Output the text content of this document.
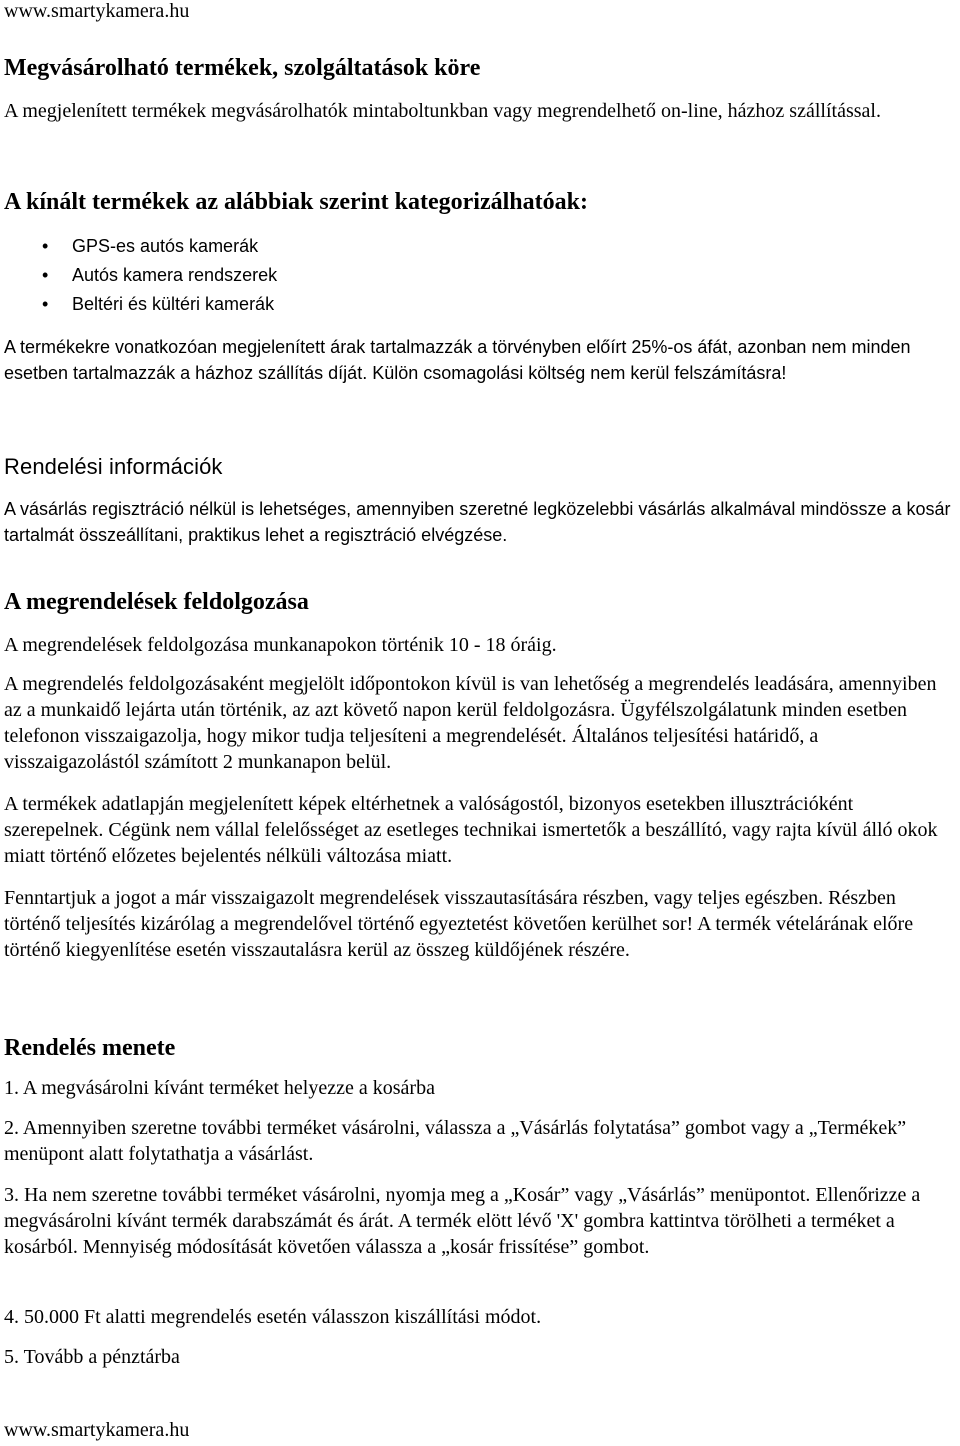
www.smartykamera.hu
Megvásárolható termékek, szolgáltatások köre

A megjelenített termékek megvásárolhatók mintaboltunkban vagy megrendelhető on-line, házhoz szállítással.

A kínált termékek az alábbiak szerint kategorizálhatóak:
• GPS-es autós kamerák
• Autós kamera rendszerek
• Beltéri és kültéri kamerák

A termékekre vonatkozóan megjelenített árak tartalmazzák a törvényben előírt 25%-os áfát, azonban nem minden esetben tartalmazzák a házhoz szállítás díját. Külön csomagolási költség nem kerül felszámításra!

Rendelési információk

A vásárlás regisztráció nélkül is lehetséges, amennyiben szeretné legközelebbi vásárlás alkalmával mindössze a kosár tartalmát összeállítani, praktikus lehet a regisztráció elvégzése.

A megrendelések feldolgozása

A megrendelések feldolgozása munkanapokon történik 10 - 18 óráig.

A megrendelés feldolgozásaként megjelölt időpontokon kívül is van lehetőség a megrendelés leadására, amennyiben az a munkaidő lejárta után történik, az azt követő napon kerül feldolgozásra. Ügyfélszolgálatunk minden esetben telefonon visszaigazolja, hogy mikor tudja teljesíteni a megrendelését. Általános teljesítési határidő, a visszaigazolástól számított 2 munkanapon belül.

A termékek adatlapján megjelenített képek eltérhetnek a valóságostól, bizonyos esetekben illusztrációként szerepelnek. Cégünk nem vállal felelősséget az esetleges technikai ismertetők a beszállító, vagy rajta kívül álló okok miatt történő előzetes bejelentés nélküli változása miatt.

Fenntartjuk a jogot a már visszaigazolt megrendelések visszautasítására részben, vagy teljes egészben. Részben történő teljesítés kizárólag a megrendelővel történő egyeztetést követően kerülhet sor! A termék vételárának előre történő kiegyenlítése esetén visszautalásra kerül az összeg küldőjének részére.

Rendelés menete

1. A megvásárolni kívánt terméket helyezze a kosárba

2. Amennyiben szeretne további terméket vásárolni, válassza a „Vásárlás folytatása” gombot vagy a „Termékek” menüpont alatt folytathatja a vásárlást.

3. Ha nem szeretne további terméket vásárolni, nyomja meg a „Kosár” vagy „Vásárlás” menüpontot. Ellenőrizze a megvásárolni kívánt termék darabszámát és árát. A termék elött lévő 'X' gombra kattintva törölheti a terméket a kosárból. Mennyiség módosítását követően válassza a „kosár frissítése” gombot.

4. 50.000 Ft alatti megrendelés esetén válasszon kiszállítási módot.

5. Tovább a pénztárba

www.smartykamera.hu
